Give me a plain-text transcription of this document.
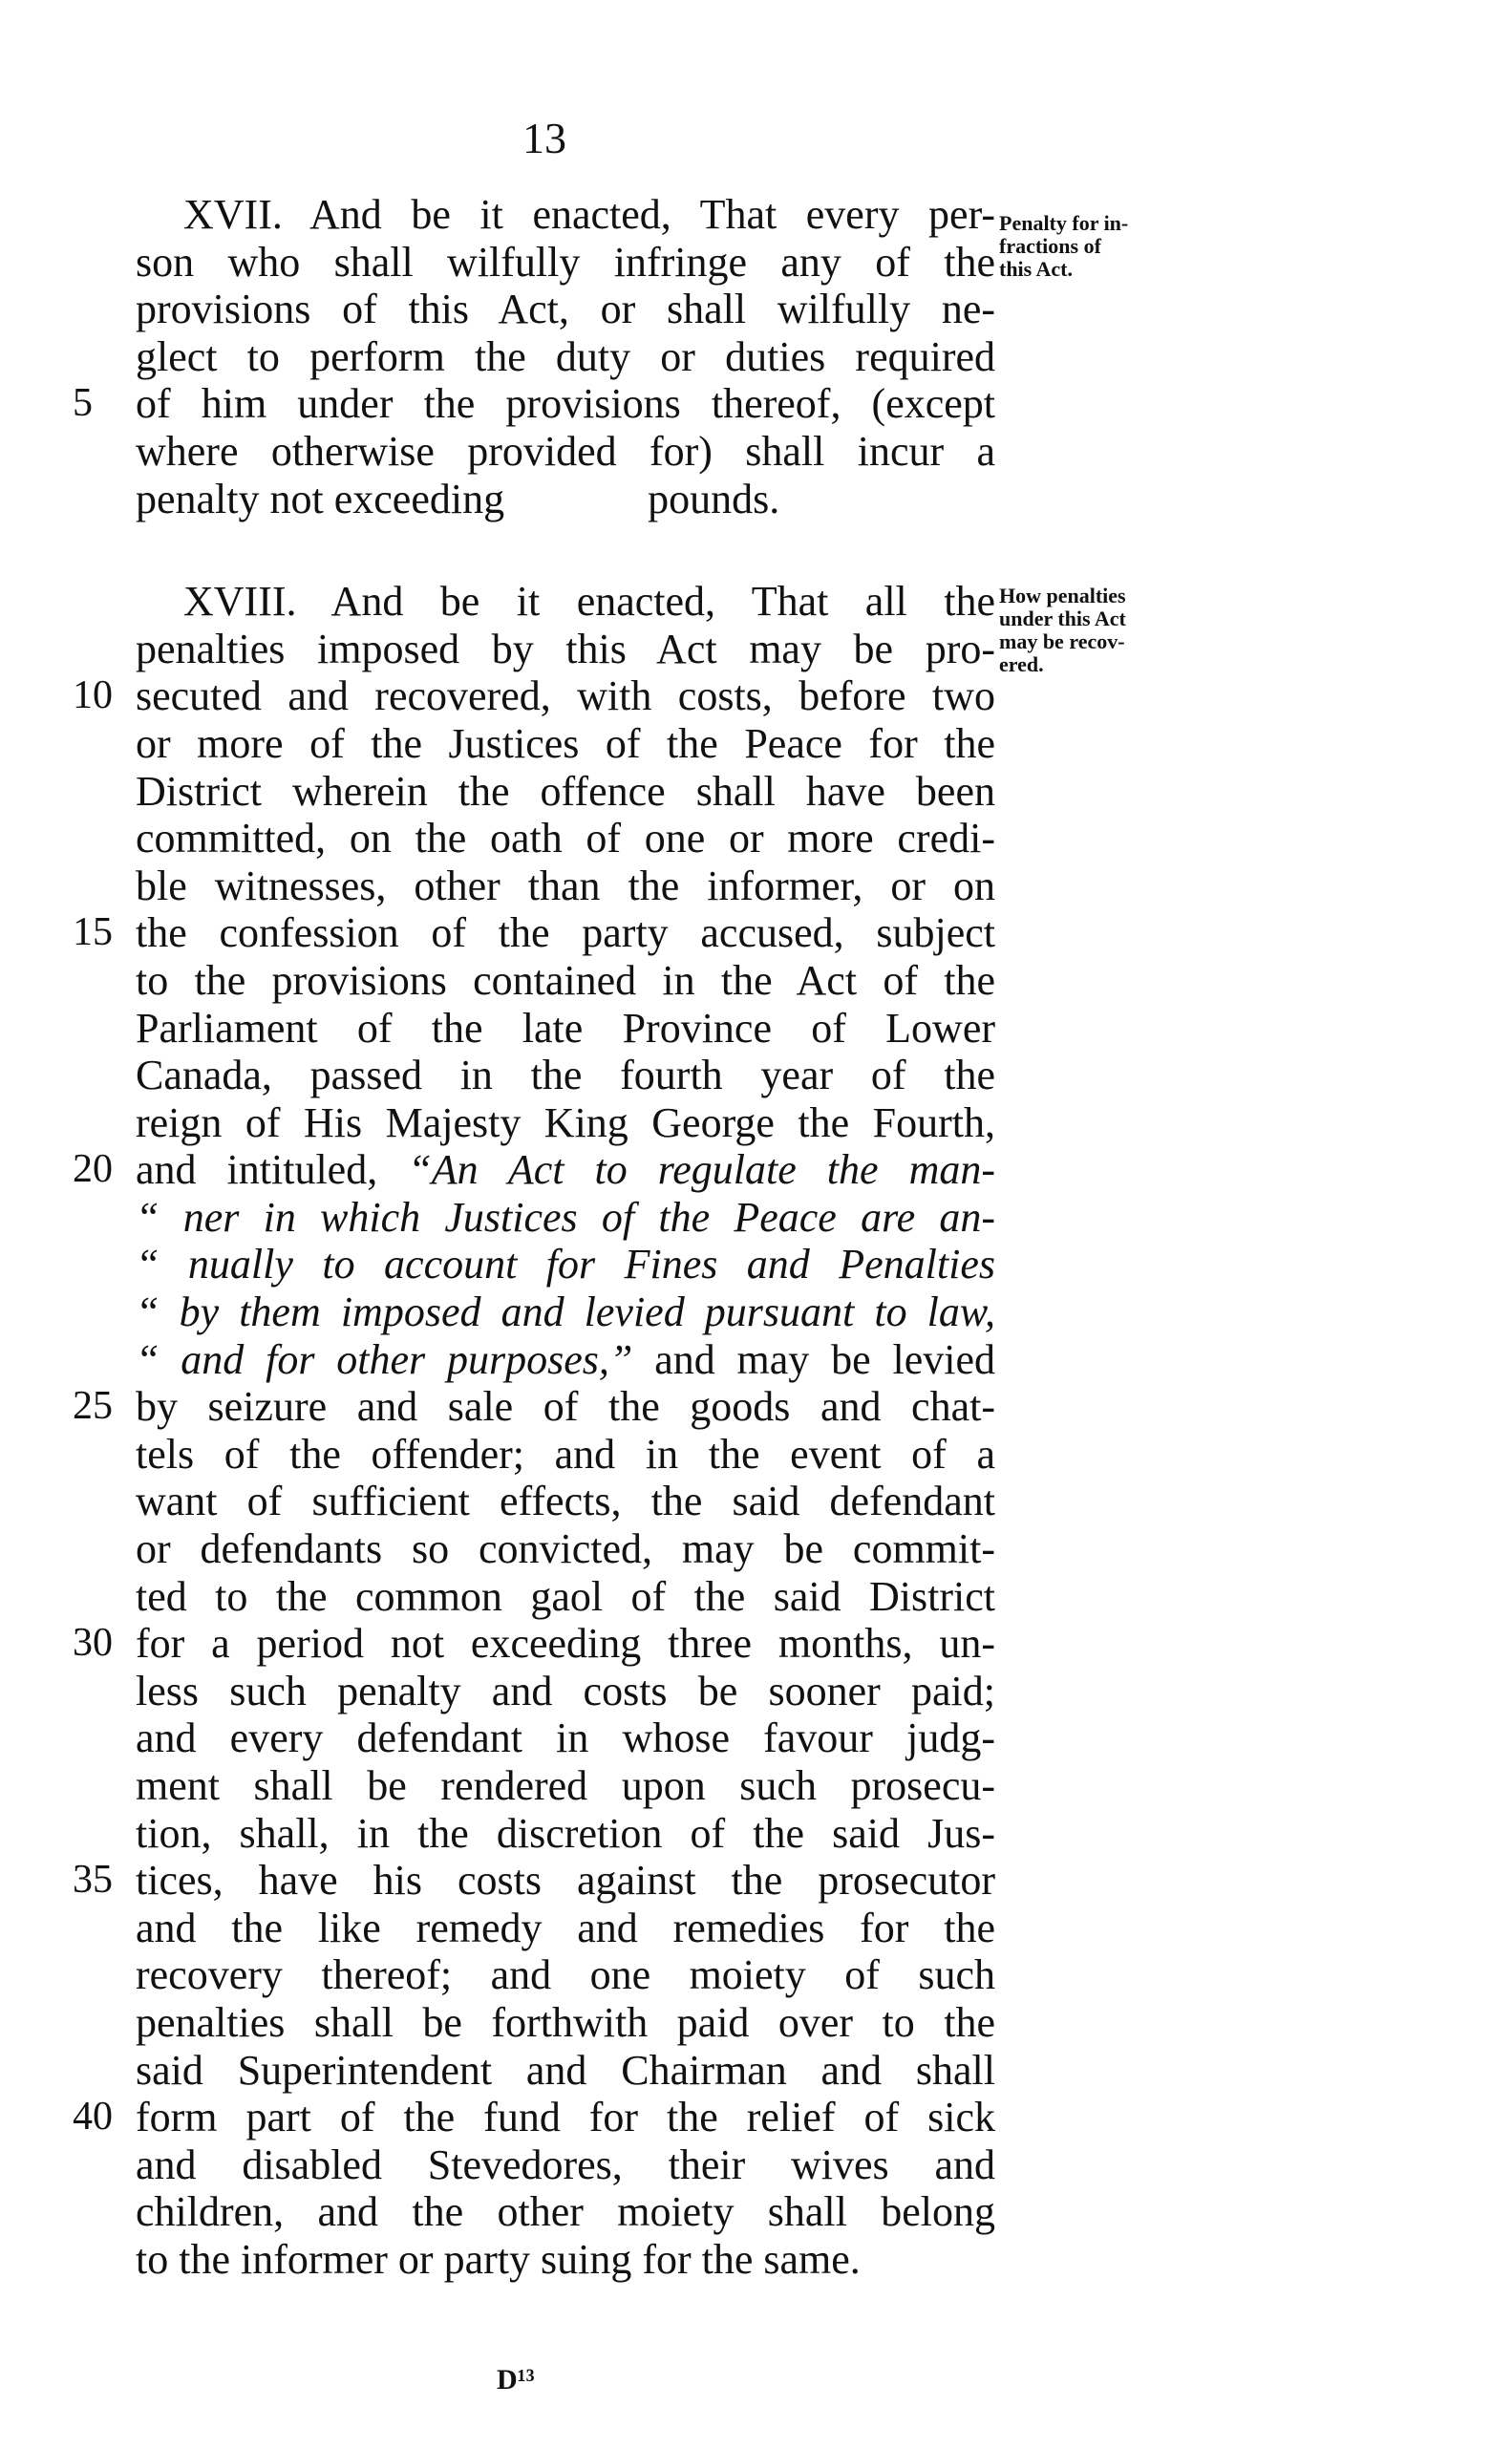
13
XVII. And be it enacted, That every per-
son who shall wilfully infringe any of the
provisions of this Act, or shall wilfully ne-
glect to perform the duty or duties required
5	of him under the provisions thereof, (except
where otherwise provided for) shall incur a
penalty not exceeding	pounds.
XVIII. And be it enacted, That all the
penalties imposed by this Act may be pro-
10 secuted and recovered, with costs, before two
or more of the Justices of the Peace for the
District wherein the offence shall have been
committed, on the oath of one or more credi-
ble witnesses, other than the informer, or on
15 the confession of the party accused, subject
to the provisions contained in the Act of the
Parliament of the late Province of Lower
Canada, passed in the fourth year of the
reign of His Majesty King George the Fourth,
20 and intituled, “An Act to regulate the man-
“ ner in which Justices of the Peace are an-
“ nually to account for Fines and Penalties
“ by them imposed and levied pursuant to law,
“ and for other purposes,” and may be levied
25 by seizure and sale of the goods and chat-
tels of the offender; and in the event of a
want of sufficient effects, the said defendant
or defendants so convicted, may be commit-
ted to the common gaol of the said District
30 for a period not exceeding three months, un-
less such penalty and costs be sooner paid;
and every defendant in whose favour judg-
ment shall be rendered upon such prosecu-
tion, shall, in the discretion of the said Jus-
35 tices, have his costs against the prosecutor
and the like remedy and remedies for the
recovery thereof; and one moiety of such
penalties shall be forthwith paid over to the
said Superintendent and Chairman and shall
40 form part of the fund for the relief of sick
and disabled Stevedores, their wives and
children, and the other moiety shall belong
to the informer or party suing for the same.
D¹³
Penalty for in-
fractions of
this Act.
How penalties
under this Act
may be recov-
ered.
